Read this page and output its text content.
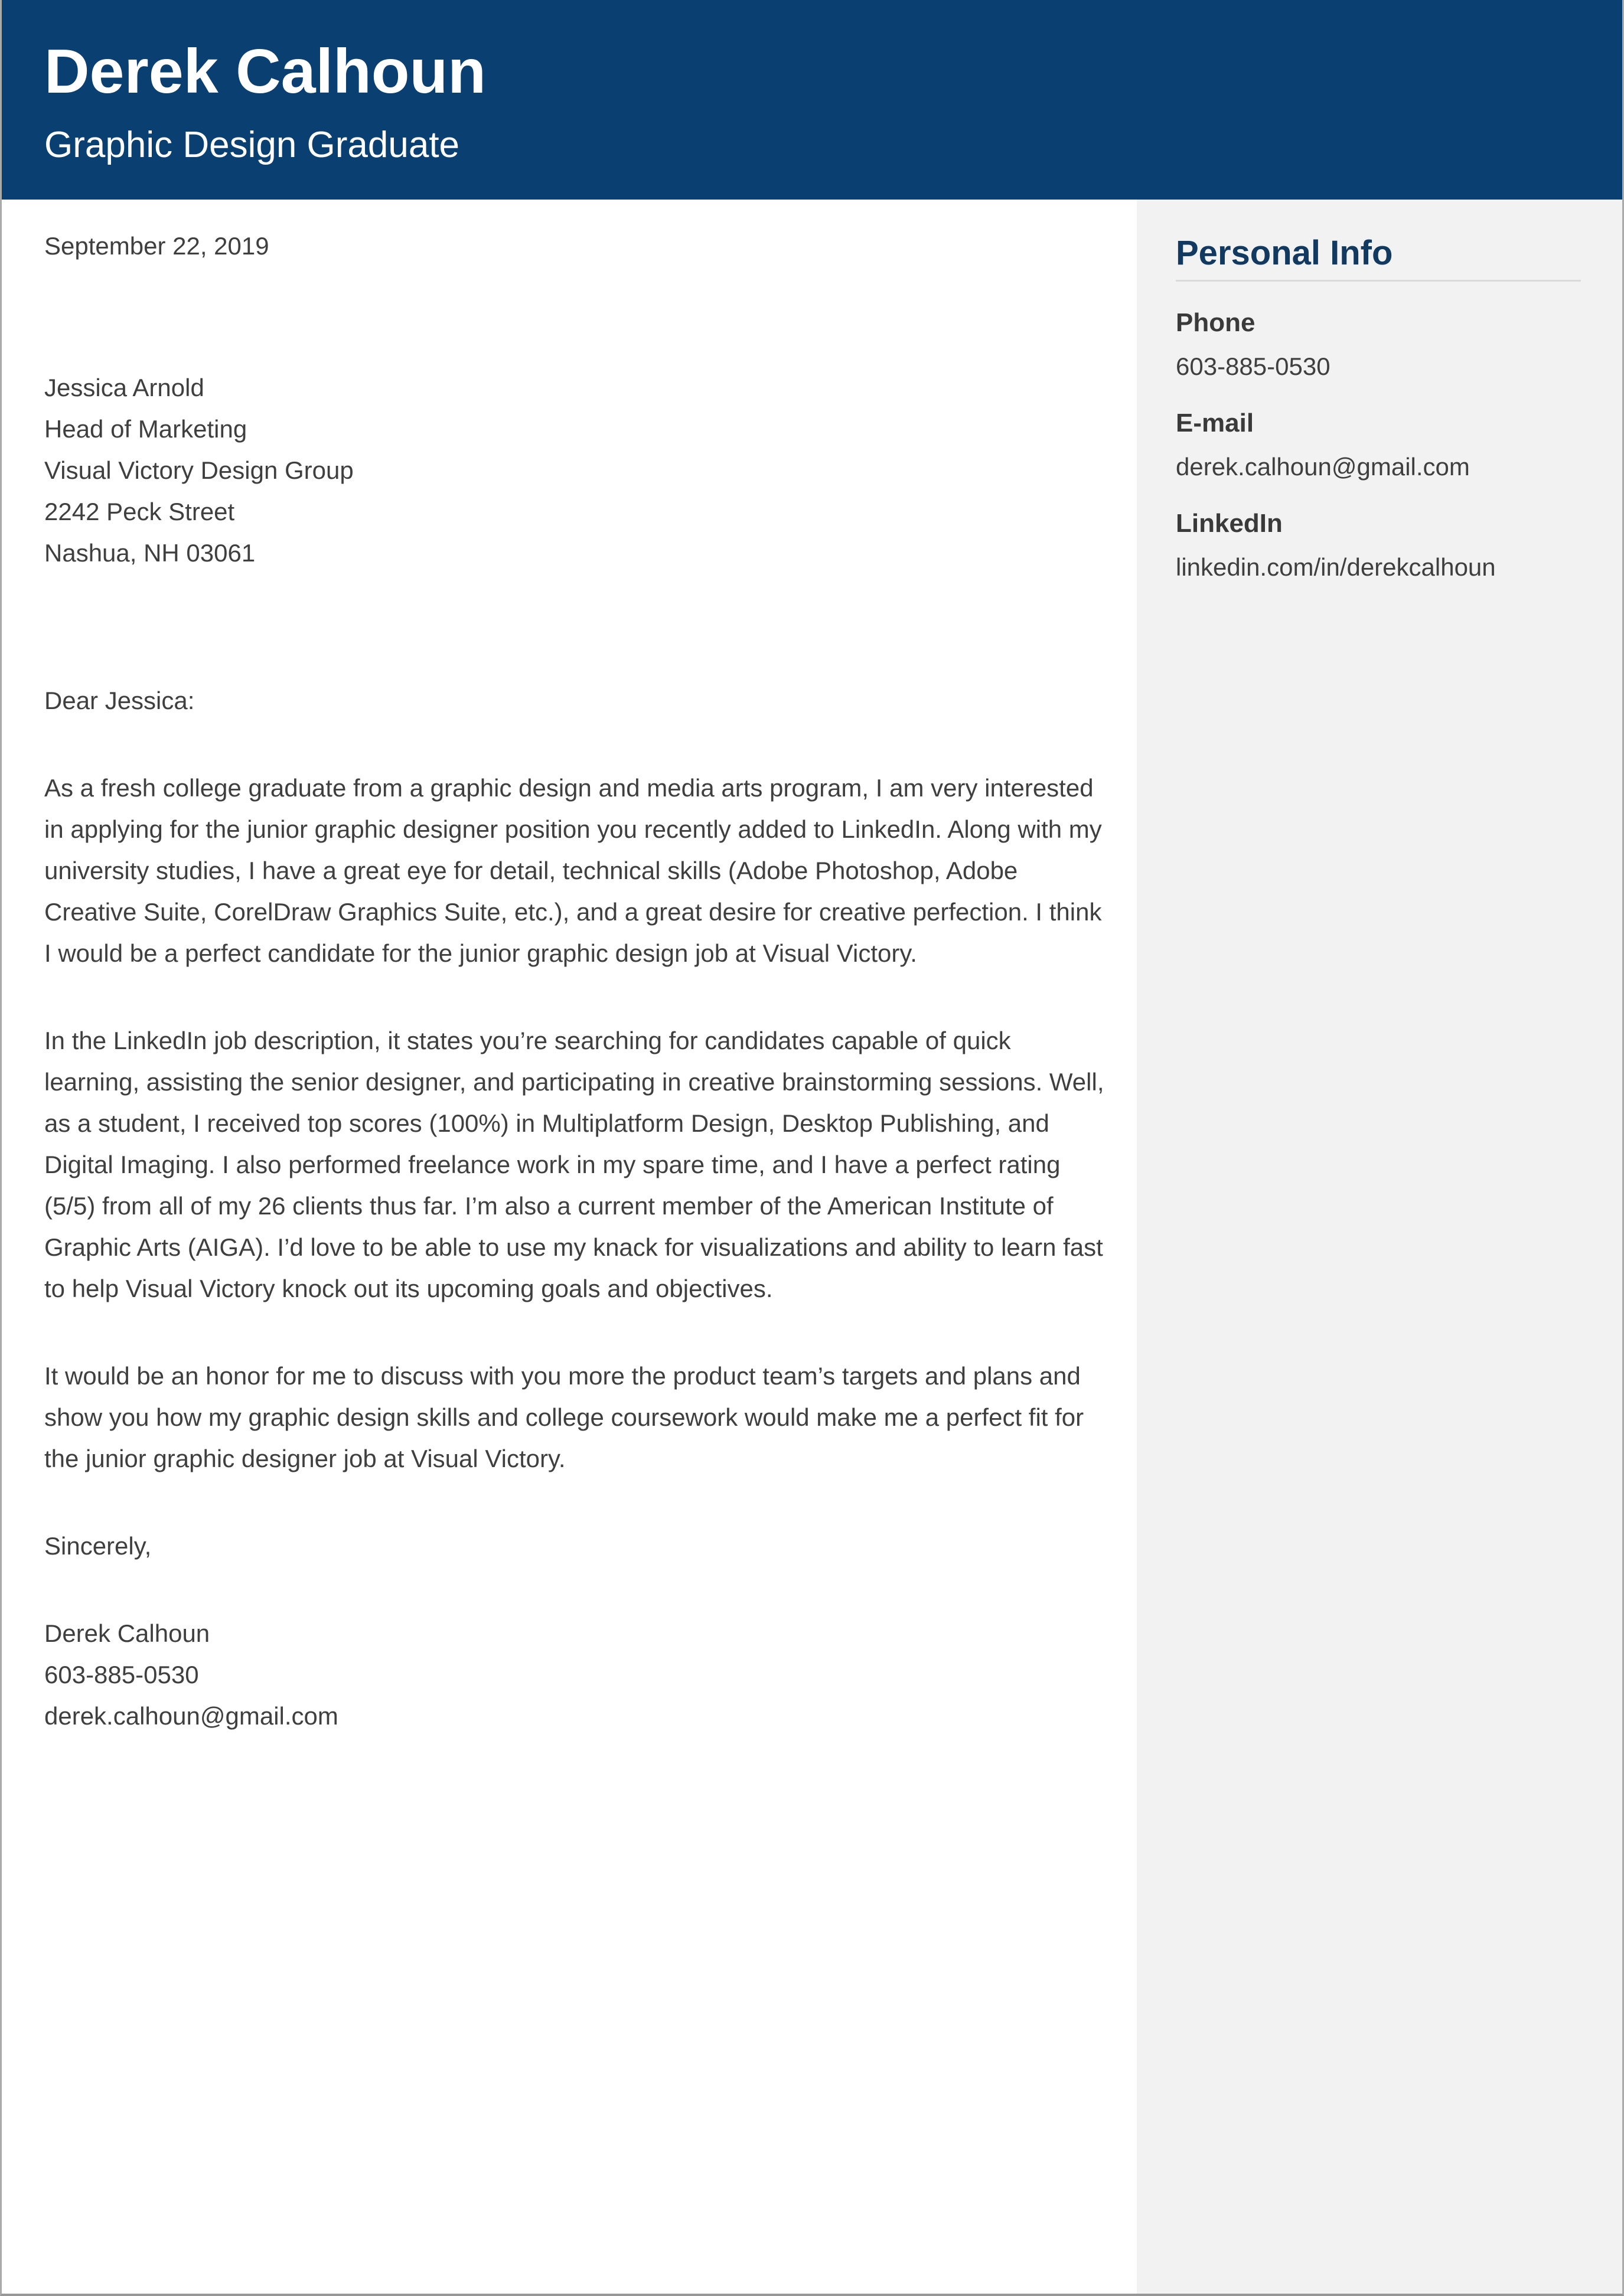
Derek Calhoun
Graphic Design Graduate
Personal Info
Phone
603-885-0530
E-mail
derek.calhoun@gmail.com
LinkedIn
linkedin.com/in/derekcalhoun
September 22, 2019
Jessica Arnold
Head of Marketing
Visual Victory Design Group
2242 Peck Street
Nashua, NH 03061
Dear Jessica:
As a fresh college graduate from a graphic design and media arts program, I am very interested in applying for the junior graphic designer position you recently added to LinkedIn. Along with my university studies, I have a great eye for detail, technical skills (Adobe Photoshop, Adobe Creative Suite, CorelDraw Graphics Suite, etc.), and a great desire for creative perfection. I think I would be a perfect candidate for the junior graphic design job at Visual Victory.
In the LinkedIn job description, it states you’re searching for candidates capable of quick learning, assisting the senior designer, and participating in creative brainstorming sessions. Well, as a student, I received top scores (100%) in Multiplatform Design, Desktop Publishing, and Digital Imaging. I also performed freelance work in my spare time, and I have a perfect rating (5/5) from all of my 26 clients thus far. I’m also a current member of the American Institute of Graphic Arts (AIGA). I’d love to be able to use my knack for visualizations and ability to learn fast to help Visual Victory knock out its upcoming goals and objectives.
It would be an honor for me to discuss with you more the product team’s targets and plans and show you how my graphic design skills and college coursework would make me a perfect fit for the junior graphic designer job at Visual Victory.
Sincerely,
Derek Calhoun
603-885-0530
derek.calhoun@gmail.com
